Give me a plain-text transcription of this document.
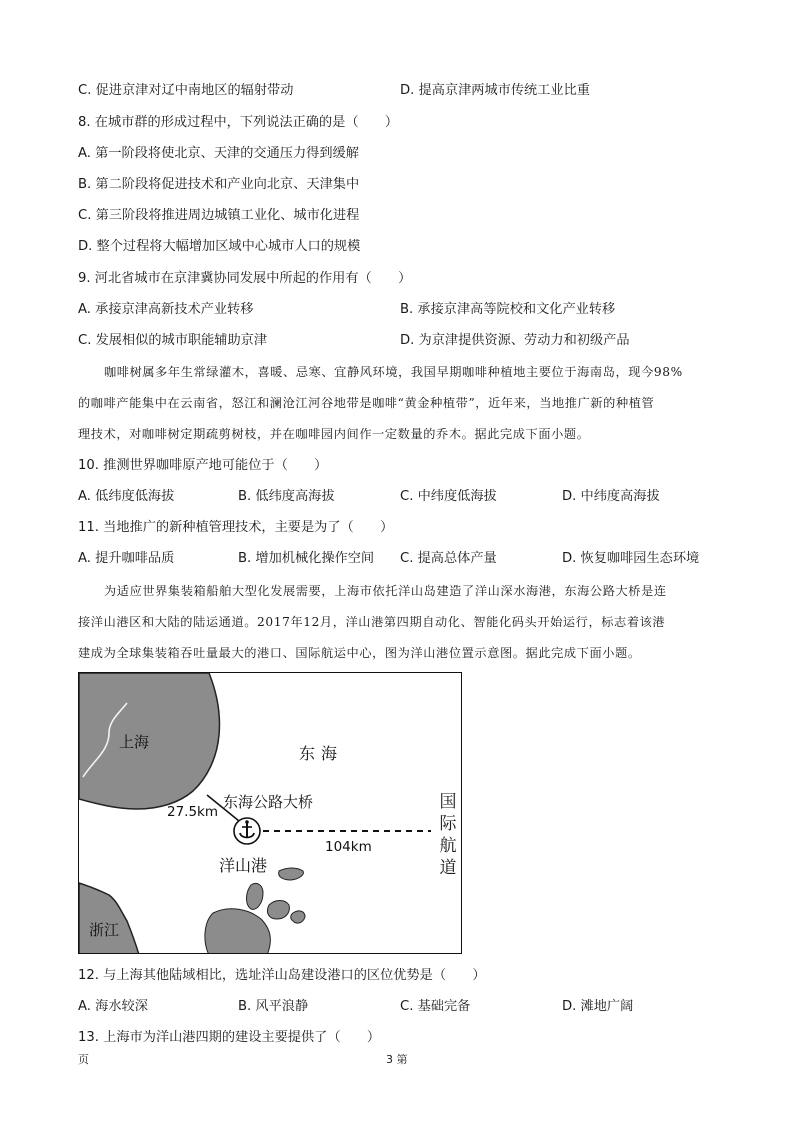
C. 促进京津对辽中南地区的辐射带动	D. 提高京津两城市传统工业比重
8. 在城市群的形成过程中，下列说法正确的是（　　）
A. 第一阶段将使北京、天津的交通压力得到缓解
B. 第二阶段将促进技术和产业向北京、天津集中
C. 第三阶段将推进周边城镇工业化、城市化进程
D. 整个过程将大幅增加区域中心城市人口的规模
9. 河北省城市在京津冀协同发展中所起的作用有（　　）
A. 承接京津高新技术产业转移	B. 承接京津高等院校和文化产业转移
C. 发展相似的城市职能辅助京津	D. 为京津提供资源、劳动力和初级产品
咖啡树属多年生常绿灌木，喜暖、忌寒、宜静风环境，我国早期咖啡种植地主要位于海南岛，现今98%
的咖啡产能集中在云南省，怒江和澜沧江河谷地带是咖啡“黄金种植带”，近年来，当地推广新的种植管
理技术，对咖啡树定期疏剪树枝，并在咖啡园内间作一定数量的乔木。据此完成下面小题。
10. 推测世界咖啡原产地可能位于（　　）
A. 低纬度低海拔	B. 低纬度高海拔	C. 中纬度低海拔	D. 中纬度高海拔
11. 当地推广的新种植管理技术，主要是为了（　　）
A. 提升咖啡品质	B. 增加机械化操作空间 C. 提高总体产量	D. 恢复咖啡园生态环境
为适应世界集装箱船舶大型化发展需要，上海市依托洋山岛建造了洋山深水海港，东海公路大桥是连
接洋山港区和大陆的陆运通道。2017年12月，洋山港第四期自动化、智能化码头开始运行，标志着该港
建成为全球集装箱吞吐量最大的港口、国际航运中心，图为洋山港位置示意图。据此完成下面小题。
上海
东海
东海公路大桥
27.5km
104km
洋山港
浙江
国
际
航
道
12. 与上海其他陆域相比，选址洋山岛建设港口的区位优势是（　　）
A. 海水较深	B. 风平浪静	C. 基础完备	D. 滩地广阔
13. 上海市为洋山港四期的建设主要提供了（　　）
页	3 第
